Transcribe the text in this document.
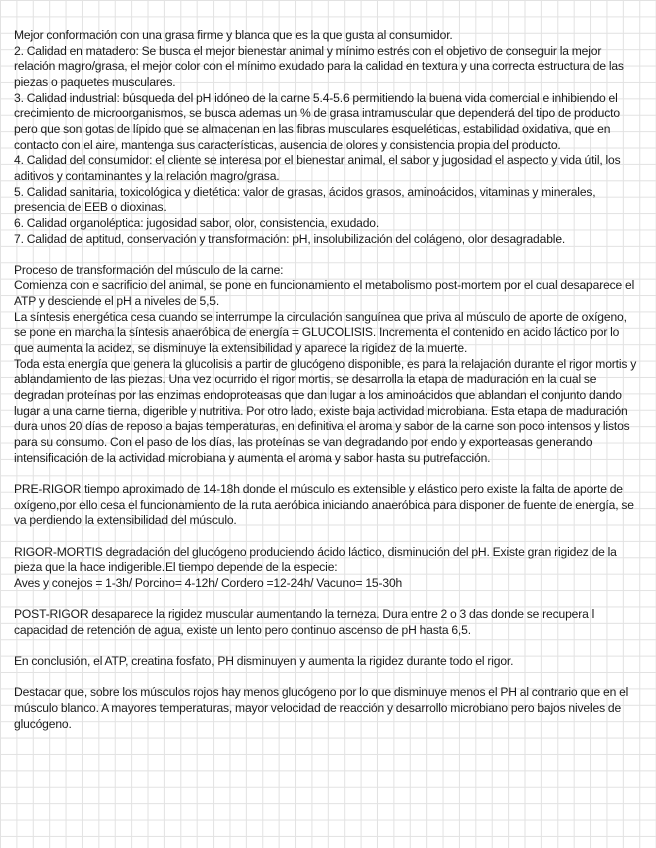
Mejor conformación con una grasa firme y blanca que es la que gusta al consumidor.

2. Calidad en matadero: Se busca el mejor bienestar animal y mínimo estrés con el objetivo de conseguir la mejor relación magro/grasa, el mejor color con el mínimo exudado para la calidad en textura y una correcta estructura de las piezas o paquetes musculares.

3. Calidad industrial: búsqueda del pH idóneo de la carne 5.4-5.6 permitiendo la buena vida comercial e inhibiendo el crecimiento de microorganismos, se busca ademas un % de grasa intramuscular que dependerá del tipo de producto pero que son gotas de lípido que se almacenan en las fibras musculares esqueléticas, estabilidad oxidativa, que en contacto con el aire, mantenga sus características, ausencia de olores y consistencia propia del producto.

4. Calidad del consumidor: el cliente se interesa por el bienestar animal, el sabor y jugosidad el aspecto y vida útil, los aditivos y contaminantes y la relación magro/grasa.

5. Calidad sanitaria, toxicológica y dietética: valor de grasas, ácidos grasos, aminoácidos, vitaminas y minerales, presencia de EEB o dioxinas.

6. Calidad organoléptica: jugosidad sabor, olor, consistencia, exudado.

7. Calidad de aptitud, conservación y transformación: pH, insolubilización del colágeno, olor desagradable.

Proceso de transformación del músculo de la carne:

Comienza con e sacrificio del animal, se pone en funcionamiento el metabolismo post-mortem por el cual desaparece el ATP y desciende el pH a niveles de 5,5.

La síntesis energética cesa cuando se interrumpe la circulación sanguínea que priva al músculo de aporte de oxígeno, se pone en marcha la síntesis anaeróbica de energía = GLUCOLISIS. Incrementa el contenido en acido láctico por lo que aumenta la acidez, se disminuye la extensibilidad y aparece la rigidez de la muerte.

Toda esta energía que genera la glucolisis a partir de glucógeno disponible, es para la relajación durante el rigor mortis y ablandamiento de las piezas. Una vez ocurrido el rigor mortis, se desarrolla la etapa de maduración en la cual se degradan proteínas por las enzimas endoproteasas que dan lugar a los aminoácidos que ablandan el conjunto dando lugar a una carne tierna, digerible y nutritiva. Por otro lado, existe baja actividad microbiana. Esta etapa de maduración dura unos 20 días de reposo a bajas temperaturas, en definitiva el aroma y sabor de la carne son poco intensos y listos para su consumo. Con el paso de los días, las proteínas se van degradando por endo y exporteasas generando intensificación de la actividad microbiana y aumenta el aroma y sabor hasta su putrefacción.

PRE-RIGOR tiempo aproximado de 14-18h donde el músculo es extensible y elástico pero existe la falta de aporte de oxígeno,por ello cesa el funcionamiento de la ruta aeróbica iniciando anaeróbica para disponer de fuente de energía, se va perdiendo la extensibilidad del músculo.

RIGOR-MORTIS degradación del glucógeno produciendo ácido láctico, disminución del pH. Existe gran rigidez de la pieza que la hace indigerible.El tiempo depende de la especie:

Aves y conejos = 1-3h/ Porcino= 4-12h/ Cordero =12-24h/ Vacuno= 15-30h

POST-RIGOR desaparece la rigidez muscular aumentando la terneza. Dura entre 2 o 3 das donde se recupera l capacidad de retención de agua, existe un lento pero continuo ascenso de pH hasta 6,5.

En conclusión, el ATP, creatina fosfato, PH disminuyen y aumenta la rigidez durante todo el rigor.

Destacar que, sobre los músculos rojos hay menos glucógeno por lo que disminuye menos el PH al contrario que en el músculo blanco. A mayores temperaturas, mayor velocidad de reacción y desarrollo microbiano pero bajos niveles de glucógeno.
